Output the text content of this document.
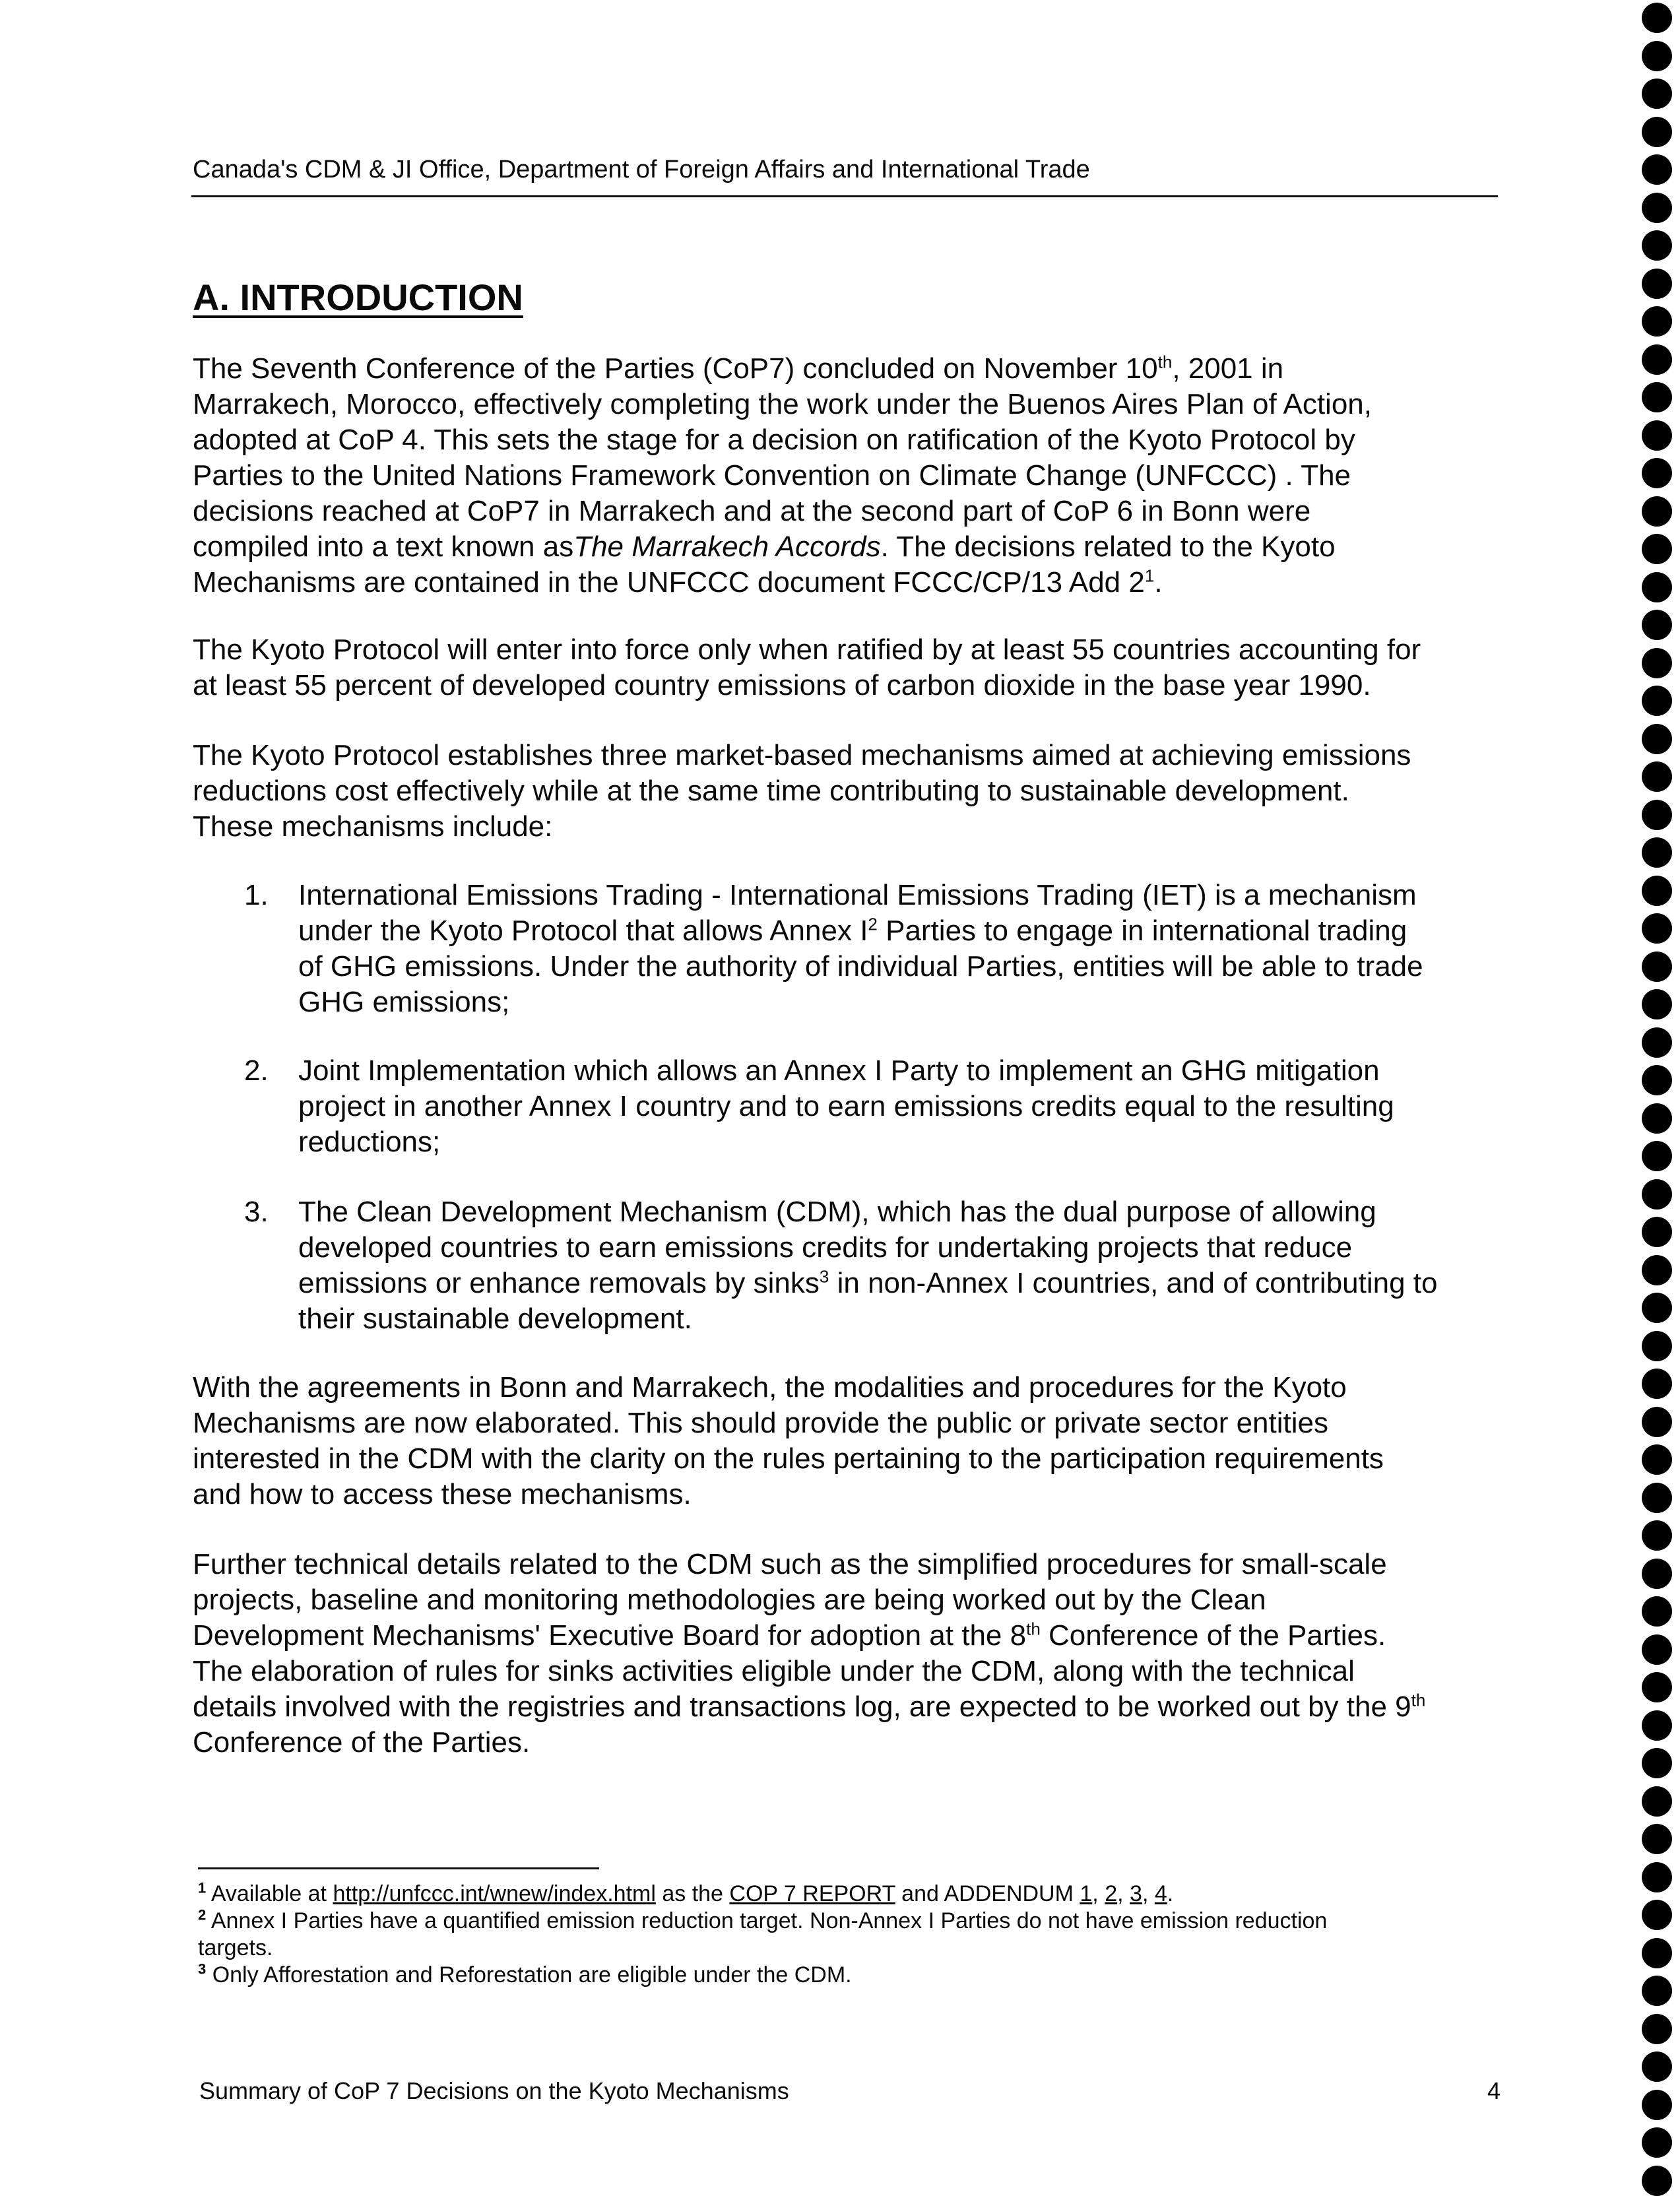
Canada's CDM & JI Office, Department of Foreign Affairs and International Trade
A. INTRODUCTION
The Seventh Conference of the Parties (CoP7) concluded on November 10th, 2001 in
Marrakech, Morocco, effectively completing the work under the Buenos Aires Plan of Action,
adopted at CoP 4. This sets the stage for a decision on ratification of the Kyoto Protocol by
Parties to the United Nations Framework Convention on Climate Change (UNFCCC) . The
decisions reached at CoP7 in Marrakech and at the second part of CoP 6 in Bonn were
compiled into a text known asThe Marrakech Accords. The decisions related to the Kyoto
Mechanisms are contained in the UNFCCC document FCCC/CP/13 Add $2^1$.
The Kyoto Protocol will enter into force only when ratified by at least 55 countries accounting for
at least 55 percent of developed country emissions of carbon dioxide in the base year 1990.
The Kyoto Protocol establishes three market-based mechanisms aimed at achieving emissions
reductions cost effectively while at the same time contributing to sustainable development.
These mechanisms include:
1.	International Emissions Trading - International Emissions Trading (IET) is a mechanism
under the Kyoto Protocol that allows Annex $I^2$ Parties to engage in international trading
of GHG emissions. Under the authority of individual Parties, entities will be able to trade
GHG emissions;
2.	Joint Implementation which allows an Annex I Party to implement an GHG mitigation
project in another Annex I country and to earn emissions credits equal to the resulting
reductions;
3.	The Clean Development Mechanism (CDM), which has the dual purpose of allowing
developed countries to earn emissions credits for undertaking projects that reduce
emissions or enhance removals by sinks$^3$ in non-Annex I countries, and of contributing to
their sustainable development.
With the agreements in Bonn and Marrakech, the modalities and procedures for the Kyoto
Mechanisms are now elaborated. This should provide the public or private sector entities
interested in the CDM with the clarity on the rules pertaining to the participation requirements
and how to access these mechanisms.
Further technical details related to the CDM such as the simplified procedures for small-scale
projects, baseline and monitoring methodologies are being worked out by the Clean
Development Mechanisms' Executive Board for adoption at the 8th Conference of the Parties.
The elaboration of rules for sinks activities eligible under the CDM, along with the technical
details involved with the registries and transactions log, are expected to be worked out by the 9th
Conference of the Parties.
$^1$ Available at http://unfccc.int/wnew/index.html as the COP 7 REPORT and ADDENDUM 1, 2, 3, 4.
$^2$ Annex I Parties have a quantified emission reduction target. Non-Annex I Parties do not have emission reduction
targets.
$^3$ Only Afforestation and Reforestation are eligible under the CDM.
Summary of CoP 7 Decisions on the Kyoto Mechanisms	4
